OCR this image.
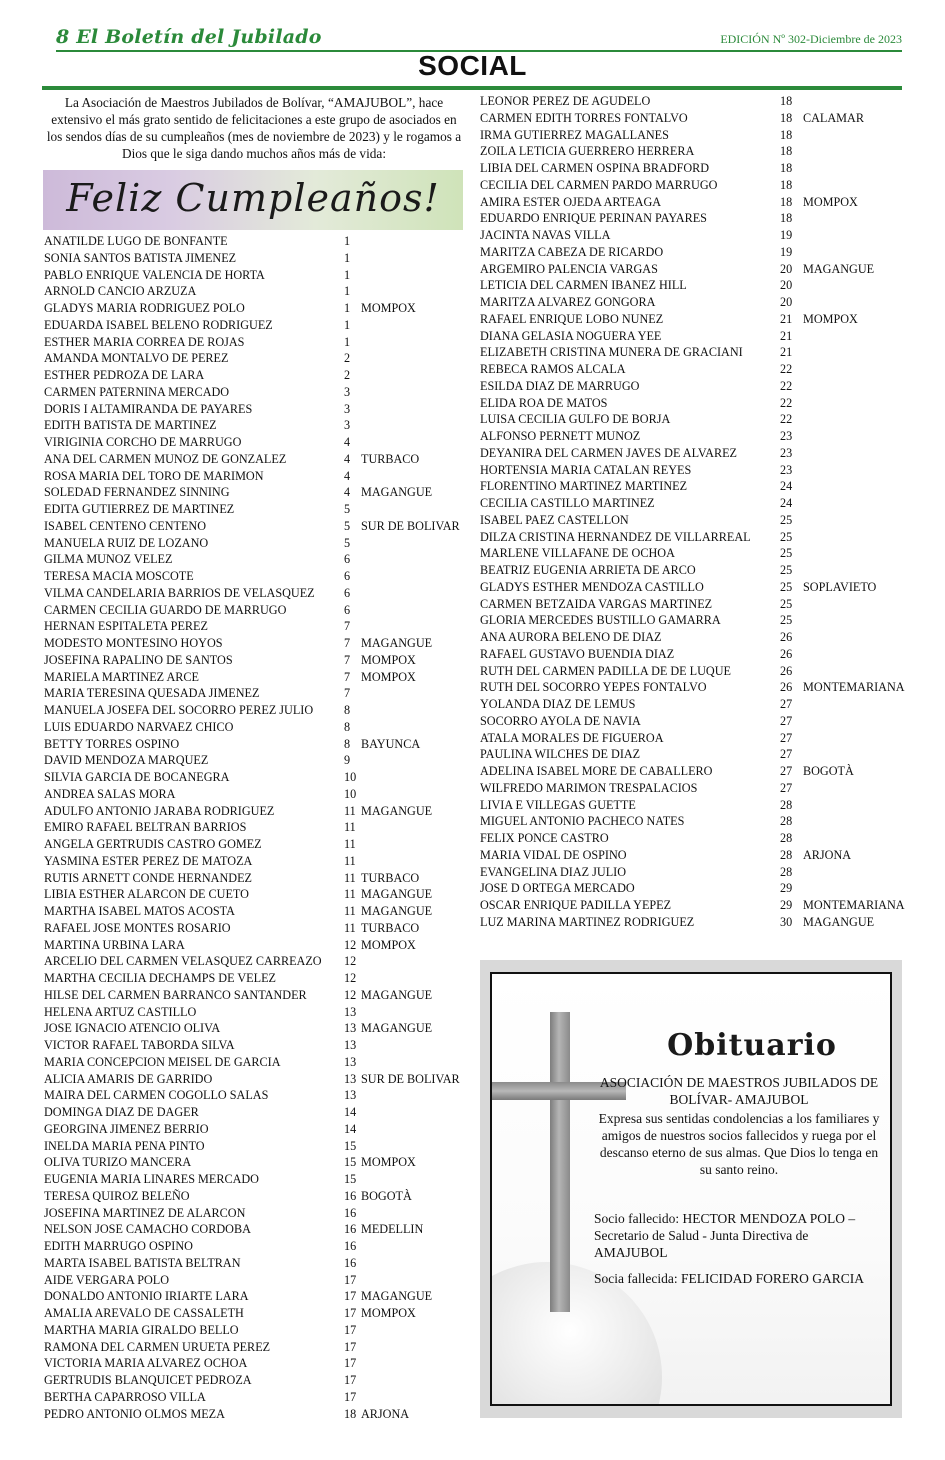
8 El Boletín del Jubilado	EDICIÓN Nº 302-Diciembre de 2023
SOCIAL
La Asociación de Maestros Jubilados de Bolívar, “AMAJUBOL”, hace extensivo el más grato sentido de felicitaciones a este grupo de asociados en los sendos días de su cumpleaños (mes de noviembre de 2023) y le rogamos a Dios que le siga dando muchos años más de vida:
Feliz Cumpleaños!
ANATILDE LUGO DE BONFANTE	1
SONIA SANTOS BATISTA JIMENEZ	1
PABLO ENRIQUE VALENCIA DE HORTA	1
ARNOLD CANCIO ARZUZA	1
GLADYS MARIA RODRIGUEZ POLO	1 MOMPOX
EDUARDA ISABEL BELENO RODRIGUEZ	1
ESTHER MARIA CORREA DE ROJAS	1
AMANDA MONTALVO DE PEREZ	2
ESTHER PEDROZA DE LARA	2
CARMEN PATERNINA MERCADO	3
DORIS I ALTAMIRANDA DE PAYARES	3
EDITH BATISTA DE MARTINEZ	3
VIRIGINIA CORCHO DE MARRUGO	4
ANA DEL CARMEN MUNOZ DE GONZALEZ	4 TURBACO
ROSA MARIA DEL TORO DE MARIMON	4
SOLEDAD FERNANDEZ SINNING	4 MAGANGUE
EDITA GUTIERREZ DE MARTINEZ	5
ISABEL CENTENO CENTENO	5 SUR DE BOLIVAR
MANUELA RUIZ DE LOZANO	5
GILMA MUNOZ VELEZ	6
TERESA MACIA MOSCOTE	6
VILMA CANDELARIA BARRIOS DE VELASQUEZ 6
CARMEN CECILIA GUARDO DE MARRUGO	6
HERNAN ESPITALETA PEREZ	7
MODESTO MONTESINO HOYOS	7 MAGANGUE
JOSEFINA RAPALINO DE SANTOS	7 MOMPOX
MARIELA MARTINEZ ARCE	7 MOMPOX
MARIA TERESINA QUESADA JIMENEZ	7
MANUELA JOSEFA DEL SOCORRO PEREZ JULIO	8
LUIS EDUARDO NARVAEZ CHICO	8
BETTY TORRES OSPINO	8 BAYUNCA
DAVID MENDOZA MARQUEZ	9
SILVIA GARCIA DE BOCANEGRA	10
ANDREA SALAS MORA	10
ADULFO ANTONIO JARABA RODRIGUEZ	11 MAGANGUE
EMIRO RAFAEL BELTRAN BARRIOS	11
ANGELA GERTRUDIS CASTRO GOMEZ	11
YASMINA ESTER PEREZ DE MATOZA	11
RUTIS ARNETT CONDE HERNANDEZ	11 TURBACO
LIBIA ESTHER ALARCON DE CUETO	11 MAGANGUE
MARTHA ISABEL MATOS ACOSTA	11 MAGANGUE
RAFAEL JOSE MONTES ROSARIO	11 TURBACO
MARTINA URBINA LARA	12 MOMPOX
ARCELIO DEL CARMEN VELASQUEZ CARREAZO 12
MARTHA CECILIA DECHAMPS DE VELEZ	12
HILSE DEL CARMEN BARRANCO SANTANDER	12 MAGANGUE
HELENA ARTUZ CASTILLO	13
JOSE IGNACIO ATENCIO OLIVA	13 MAGANGUE
VICTOR RAFAEL TABORDA SILVA	13
MARIA CONCEPCION MEISEL DE GARCIA	13
ALICIA AMARIS DE GARRIDO	13 SUR DE BOLIVAR
MAIRA DEL CARMEN COGOLLO SALAS	13
DOMINGA DIAZ DE DAGER	14
GEORGINA JIMENEZ BERRIO	14
INELDA MARIA PENA PINTO	15
OLIVA TURIZO MANCERA	15 MOMPOX
EUGENIA MARIA LINARES MERCADO	15
TERESA QUIROZ BELEÑO	16 BOGOTÀ
JOSEFINA MARTINEZ DE ALARCON	16
NELSON JOSE CAMACHO CORDOBA	16 MEDELLIN
EDITH MARRUGO OSPINO	16
MARTA ISABEL BATISTA BELTRAN	16
AIDE VERGARA POLO	17
DONALDO ANTONIO IRIARTE LARA	17 MAGANGUE
AMALIA AREVALO DE CASSALETH	17 MOMPOX
MARTHA MARIA GIRALDO BELLO	17
RAMONA DEL CARMEN URUETA PEREZ	17
VICTORIA MARIA ALVAREZ OCHOA	17
GERTRUDIS BLANQUICET PEDROZA	17
BERTHA CAPARROSO VILLA	17
PEDRO ANTONIO OLMOS MEZA	18 ARJONA
LEONOR PEREZ DE AGUDELO	18
CARMEN EDITH TORRES FONTALVO	18 CALAMAR
IRMA GUTIERREZ MAGALLANES	18
ZOILA LETICIA GUERRERO HERRERA	18
LIBIA DEL CARMEN OSPINA BRADFORD	18
CECILIA DEL CARMEN PARDO MARRUGO	18
AMIRA ESTER OJEDA ARTEAGA	18 MOMPOX
EDUARDO ENRIQUE PERINAN PAYARES	18
JACINTA NAVAS VILLA	19
MARITZA CABEZA DE RICARDO	19
ARGEMIRO PALENCIA VARGAS	20 MAGANGUE
LETICIA DEL CARMEN IBANEZ HILL	20
MARITZA ALVAREZ GONGORA	20
RAFAEL ENRIQUE LOBO NUNEZ	21 MOMPOX
DIANA GELASIA NOGUERA YEE	21
ELIZABETH CRISTINA MUNERA DE GRACIANI	21
REBECA RAMOS ALCALA	22
ESILDA DIAZ DE MARRUGO	22
ELIDA ROA DE MATOS	22
LUISA CECILIA GULFO DE BORJA	22
ALFONSO PERNETT MUNOZ	23
DEYANIRA DEL CARMEN JAVES DE ALVAREZ	23
HORTENSIA MARIA CATALAN REYES	23
FLORENTINO MARTINEZ MARTINEZ	24
CECILIA CASTILLO MARTINEZ	24
ISABEL PAEZ CASTELLON	25
DILZA CRISTINA HERNANDEZ DE VILLARREAL 25
MARLENE VILLAFANE DE OCHOA	25
BEATRIZ EUGENIA ARRIETA DE ARCO	25
GLADYS ESTHER MENDOZA CASTILLO	25 SOPLAVIETO
CARMEN BETZAIDA VARGAS MARTINEZ	25
GLORIA MERCEDES BUSTILLO GAMARRA	25
ANA AURORA BELENO DE DIAZ	26
RAFAEL GUSTAVO BUENDIA DIAZ	26
RUTH DEL CARMEN PADILLA DE DE LUQUE	26
RUTH DEL SOCORRO YEPES FONTALVO	26 MONTEMARIANA
YOLANDA DIAZ DE LEMUS	27
SOCORRO AYOLA DE NAVIA	27
ATALA MORALES DE FIGUEROA	27
PAULINA WILCHES DE DIAZ	27
ADELINA ISABEL MORE DE CABALLERO	27 BOGOTÀ
WILFREDO MARIMON TRESPALACIOS	27
LIVIA E VILLEGAS GUETTE	28
MIGUEL ANTONIO PACHECO NATES	28
FELIX PONCE CASTRO	28
MARIA VIDAL DE OSPINO	28 ARJONA
EVANGELINA DIAZ JULIO	28
JOSE D ORTEGA MERCADO	29
OSCAR ENRIQUE PADILLA YEPEZ	29 MONTEMARIANA
LUZ MARINA MARTINEZ RODRIGUEZ	30 MAGANGUE
Obituario
ASOCIACIÓN DE MAESTROS JUBILADOS DE BOLÍVAR- AMAJUBOL
Expresa sus sentidas condolencias a los familiares y amigos de nuestros socios fallecidos y ruega por el descanso eterno de sus almas. Que Dios lo tenga en su santo reino.
Socio fallecido: HECTOR MENDOZA POLO – Secretario de Salud - Junta Directiva de AMAJUBOL
Socia fallecida: FELICIDAD FORERO GARCIA
